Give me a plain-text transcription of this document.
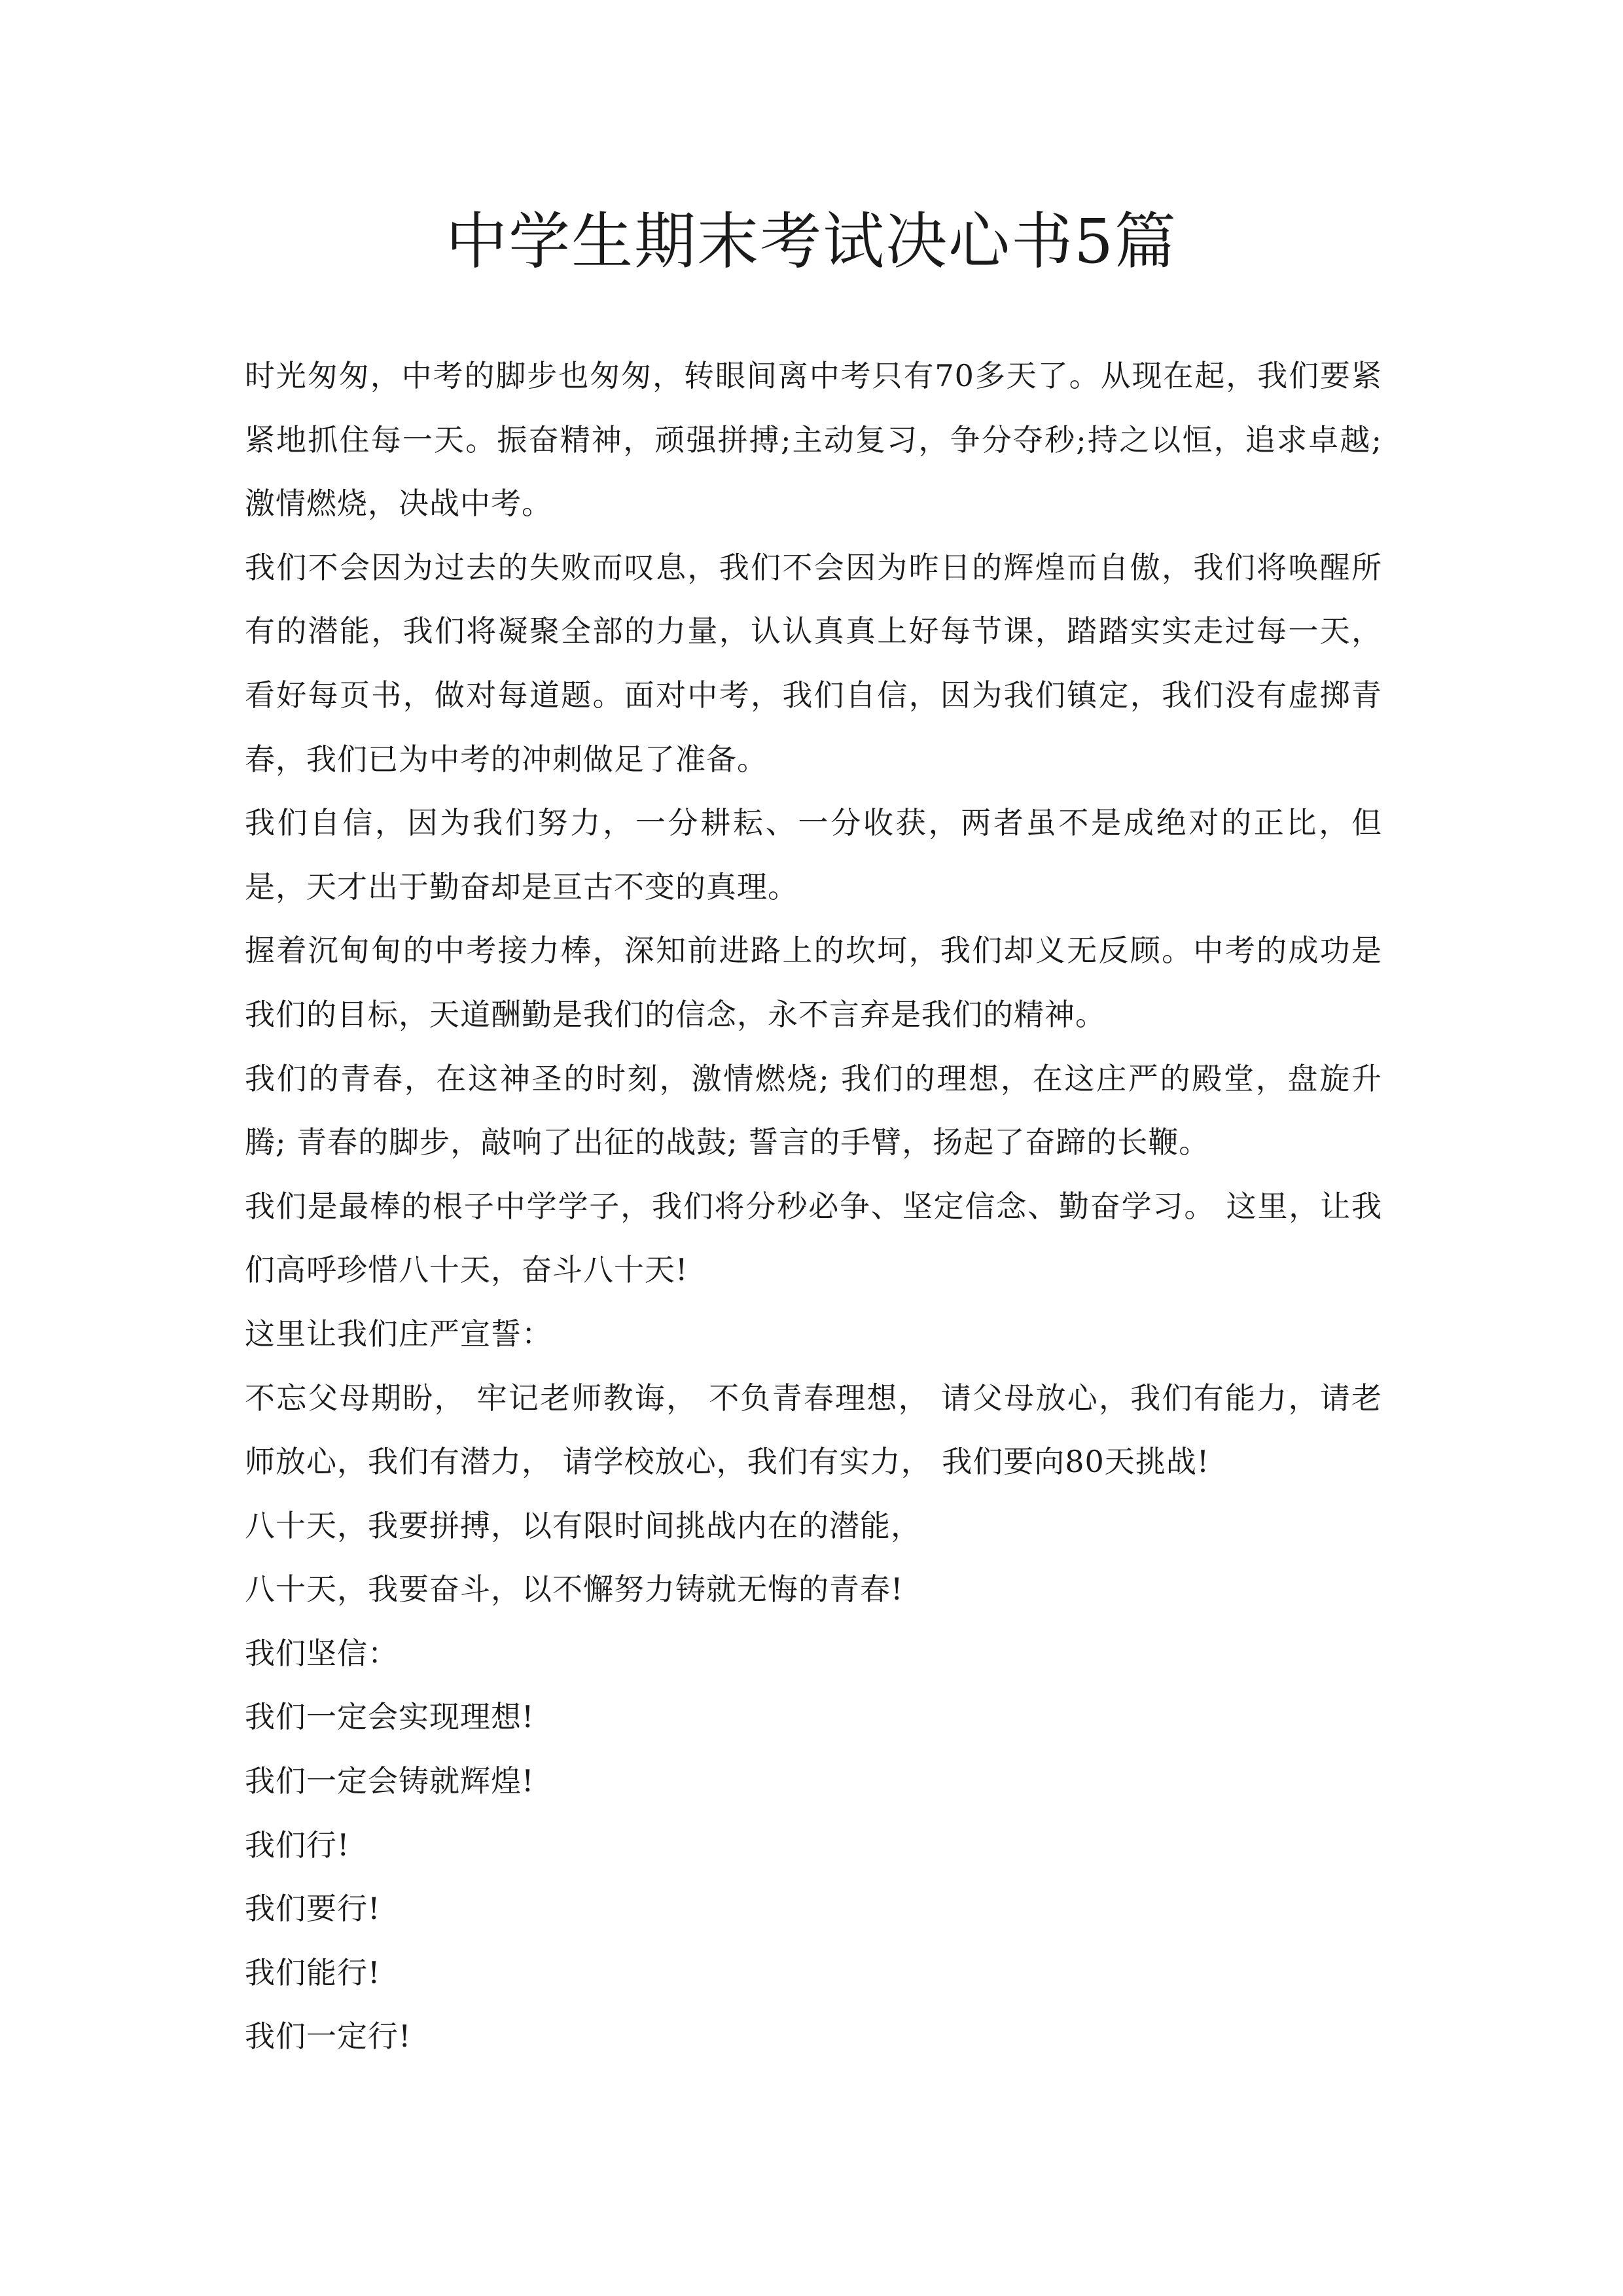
中学生期末考试决心书5篇

时光匆匆，中考的脚步也匆匆，转眼间离中考只有70多天了。从现在起，我们要紧紧地抓住每一天。振奋精神，顽强拼搏;主动复习，争分夺秒;持之以恒，追求卓越;激情燃烧，决战中考。

我们不会因为过去的失败而叹息，我们不会因为昨日的辉煌而自傲，我们将唤醒所有的潜能，我们将凝聚全部的力量，认认真真上好每节课，踏踏实实走过每一天，看好每页书，做对每道题。面对中考，我们自信，因为我们镇定，我们没有虚掷青春，我们已为中考的冲刺做足了准备。

我们自信，因为我们努力，一分耕耘、一分收获，两者虽不是成绝对的正比，但是，天才出于勤奋却是亘古不变的真理。

握着沉甸甸的中考接力棒，深知前进路上的坎坷，我们却义无反顾。中考的成功是我们的目标，天道酬勤是我们的信念，永不言弃是我们的精神。

我们的青春，在这神圣的时刻，激情燃烧; 我们的理想，在这庄严的殿堂，盘旋升腾; 青春的脚步，敲响了出征的战鼓; 誓言的手臂，扬起了奋蹄的长鞭。

我们是最棒的根子中学学子，我们将分秒必争、坚定信念、勤奋学习。 这里，让我们高呼珍惜八十天，奋斗八十天!

这里让我们庄严宣誓：

不忘父母期盼， 牢记老师教诲， 不负青春理想， 请父母放心，我们有能力，请老师放心，我们有潜力， 请学校放心，我们有实力， 我们要向80天挑战!

八十天，我要拼搏，以有限时间挑战内在的潜能，

八十天，我要奋斗，以不懈努力铸就无悔的青春!

我们坚信：

我们一定会实现理想!

我们一定会铸就辉煌!

我们行!

我们要行!

我们能行!

我们一定行!
